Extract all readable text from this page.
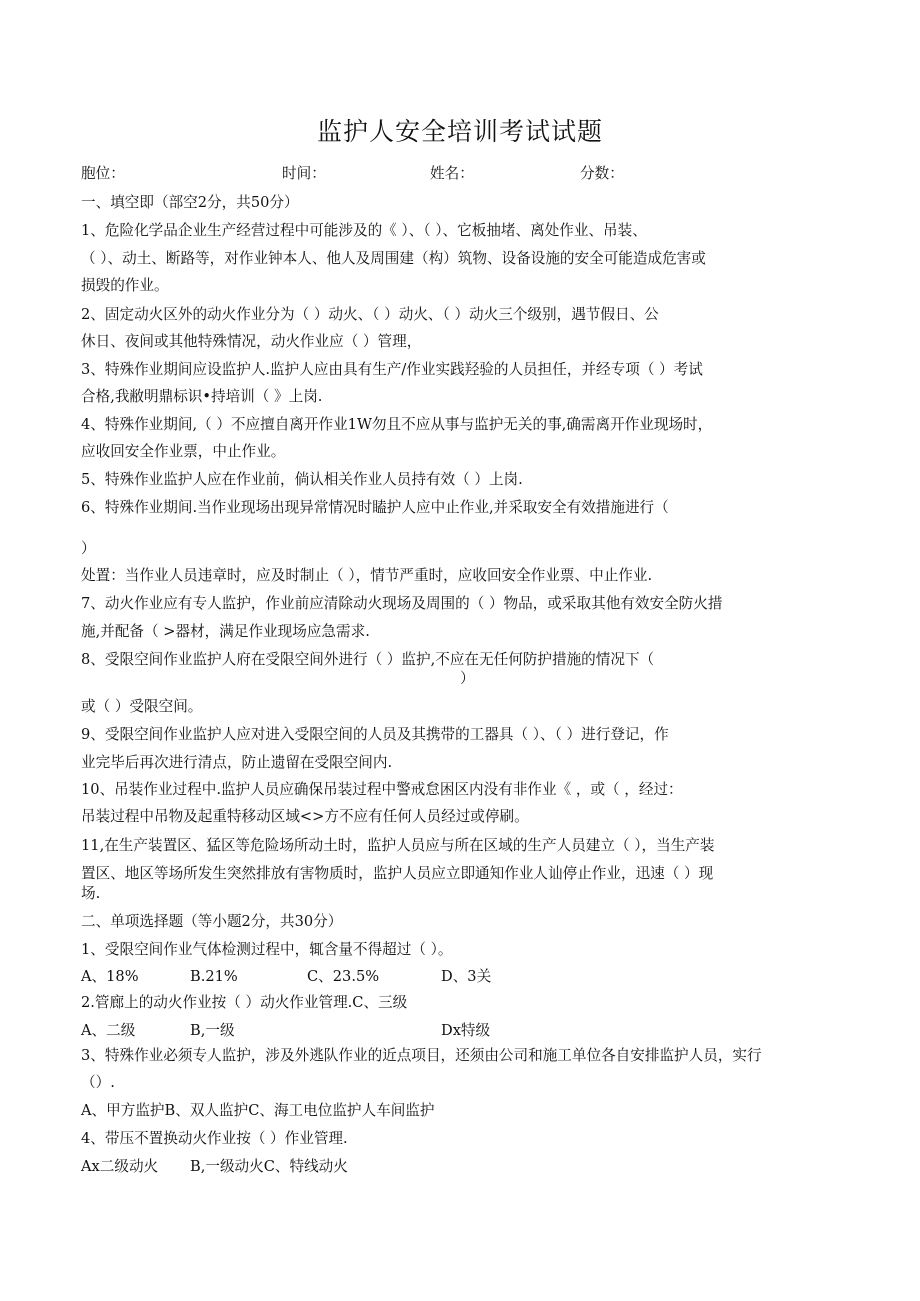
监护人安全培训考试试题
胞位：	时间：	姓名：	分数：
一、填空即（部空2分，共50分）
1、危险化学品企业生产经营过程中可能涉及的《 ）、（ ）、它板抽堵、离处作业、吊装、
（ ）、动土、断路等，对作业钟本人、他人及周围建（构）筑物、设备设施的安全可能造成危害或
损毁的作业。
2、固定动火区外的动火作业分为（ ）动火、（ ）动火、（ ）动火三个级别，遇节假日、公
休日、夜间或其他特殊情况，动火作业应（ ）管理，
3、特殊作业期间应设监护人.监护人应由具有生产/作业实践羟验的人员担任，并经专项（ ）考试
合格,我敝明鼎标识•持培训（ 》上岗.
4、特殊作业期间,（ ）不应擅自离开作业1W勿且不应从事与监护无关的事,确需离开作业现场时，
应收回安全作业票，中止作业。
5、特殊作业监护人应在作业前，倘认相关作业人员持有效（ ）上岗.
6、特殊作业期间.当作业现场出现异常情况时瞌护人应中止作业,并采取安全有效措施进行（
）
处置：当作业人员违章时，应及时制止（ ），情节严重时，应收回安全作业票、中止作业.
7、动火作业应有专人监护，作业前应清除动火现场及周围的（ ）物品，或采取其他有效安全防火措
施,并配备（ >器材，满足作业现场应急需求.
8、受限空间作业监护人府在受限空间外进行（ ）监护,不应在无任何防护措施的情况下（
）
或（ ）受限空间。
9、受限空间作业监护人应对进入受限空间的人员及其携带的工器具（ ）、（ ）进行登记，作
业完毕后再次进行清点，防止遗留在受限空间内.
10、吊装作业过程中.监护人员应确保吊装过程中警戒怠困区内没有非作业《 ，或（ ，经过：
吊装过程中吊物及起重特移动区域<>方不应有任何人员经过或停刷。
11,在生产装置区、猛区等危险场所动土时，监护人员应与所在区域的生产人员建立（ ），当生产装
置区、地区等场所发生突然排放有害物质时，监护人员应立即通知作业人讪停止作业，迅速（ ）现
场.
二、单项选择题（等小题2分，共30分）
1、受限空间作业气体检测过程中，辄含量不得超过（ ）。
A、18%	B.21%	C、23.5%	D、3关
2.管廊上的动火作业按（ ）动火作业管理.C、三级
A、二级	B,一级	Dx特级
3、特殊作业必须专人监护，涉及外逃队作业的近点项目，还须由公司和施工单位各自安排监护人员，实行
（）.
A、甲方监护B、双人监护C、海工电位监护人车间监护
4、带压不置换动火作业按（ ）作业管理.
Ax二级动火 B,一级动火C、特线动火
